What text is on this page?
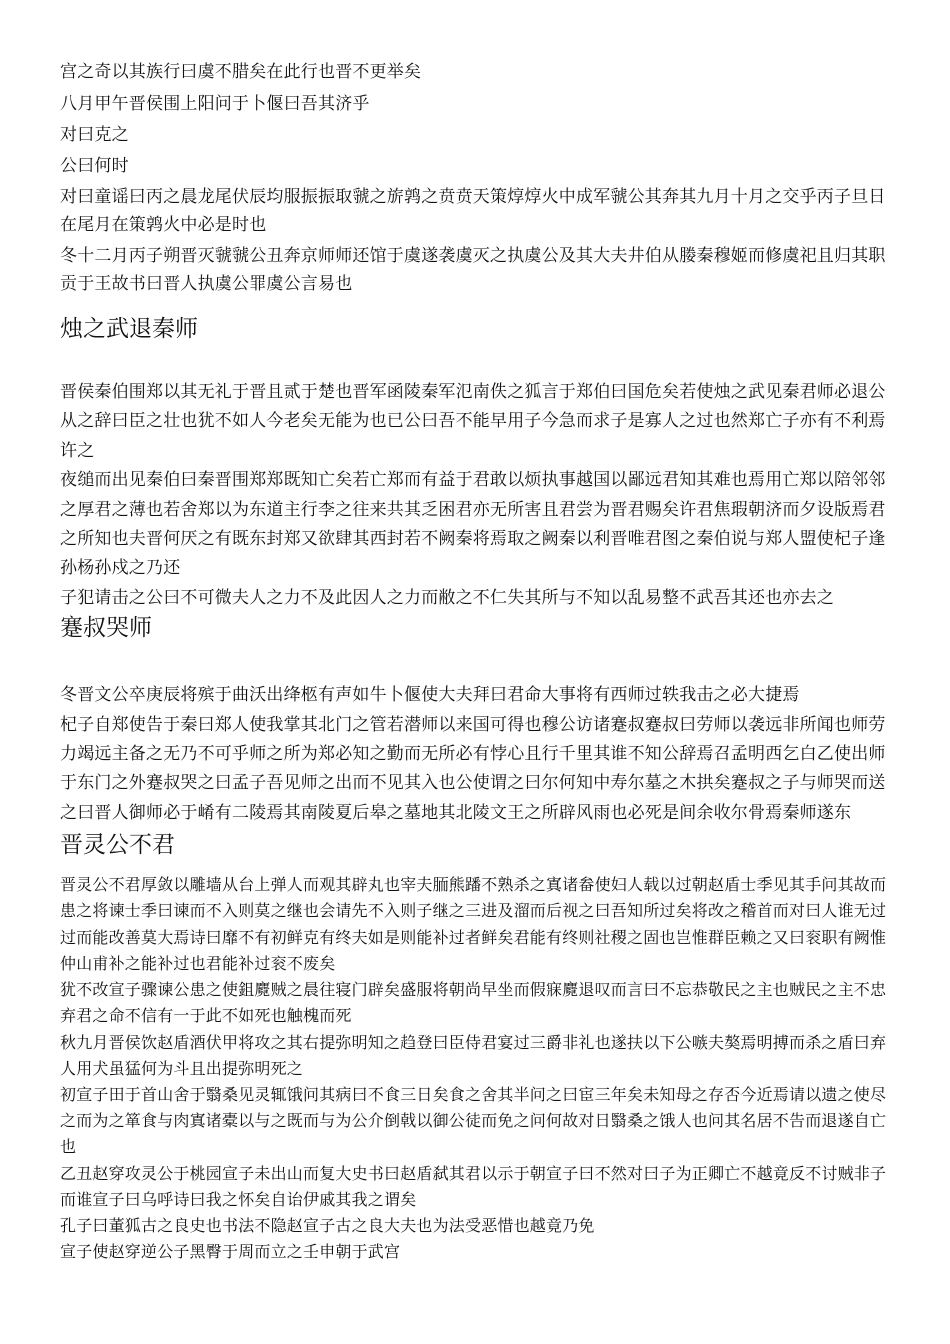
宫之奇以其族行曰虞不腊矣在此行也晋不更举矣

八月甲午晋侯围上阳问于卜偃曰吾其济乎

对曰克之

公曰何时

对曰童谣曰丙之晨龙尾伏辰均服振振取虢之旂鹑之贲贲天策焞焞火中成军虢公其奔其九月十月之交乎丙子旦日在尾月在策鹑火中必是时也

冬十二月丙子朔晋灭虢虢公丑奔京师师还馆于虞遂袭虞灭之执虞公及其大夫井伯从媵秦穆姬而修虞祀且归其职贡于王故书曰晋人执虞公罪虞公言易也

烛之武退秦师

晋侯秦伯围郑以其无礼于晋且贰于楚也晋军函陵秦军氾南佚之狐言于郑伯曰国危矣若使烛之武见秦君师必退公从之辞曰臣之壮也犹不如人今老矣无能为也已公曰吾不能早用子今急而求子是寡人之过也然郑亡子亦有不利焉许之

夜缒而出见秦伯曰秦晋围郑郑既知亡矣若亡郑而有益于君敢以烦执事越国以鄙远君知其难也焉用亡郑以陪邻邻之厚君之薄也若舍郑以为东道主行李之往来共其乏困君亦无所害且君尝为晋君赐矣许君焦瑕朝济而夕设版焉君之所知也夫晋何厌之有既东封郑又欲肆其西封若不阙秦将焉取之阙秦以利晋唯君图之秦伯说与郑人盟使杞子逢孙杨孙戍之乃还

子犯请击之公曰不可微夫人之力不及此因人之力而敝之不仁失其所与不知以乱易整不武吾其还也亦去之

蹇叔哭师

冬晋文公卒庚辰将殡于曲沃出绛柩有声如牛卜偃使大夫拜曰君命大事将有西师过轶我击之必大捷焉

杞子自郑使告于秦曰郑人使我掌其北门之管若潜师以来国可得也穆公访诸蹇叔蹇叔曰劳师以袭远非所闻也师劳力竭远主备之无乃不可乎师之所为郑必知之勤而无所必有悖心且行千里其谁不知公辞焉召孟明西乞白乙使出师于东门之外蹇叔哭之曰孟子吾见师之出而不见其入也公使谓之曰尔何知中寿尔墓之木拱矣蹇叔之子与师哭而送之曰晋人御师必于崤有二陵焉其南陵夏后皋之墓地其北陵文王之所辟风雨也必死是间余收尔骨焉秦师遂东

晋灵公不君

晋灵公不君厚敛以雕墙从台上弹人而观其辟丸也宰夫胹熊蹯不熟杀之寘诸畚使妇人载以过朝赵盾士季见其手问其故而患之将谏士季曰谏而不入则莫之继也会请先不入则子继之三进及溜而后视之曰吾知所过矣将改之稽首而对曰人谁无过过而能改善莫大焉诗曰靡不有初鲜克有终夫如是则能补过者鲜矣君能有终则社稷之固也岂惟群臣赖之又曰衮职有阙惟仲山甫补之能补过也君能补过衮不废矣

犹不改宣子骤谏公患之使鉏麑贼之晨往寝门辟矣盛服将朝尚早坐而假寐麑退叹而言曰不忘恭敬民之主也贼民之主不忠弃君之命不信有一于此不如死也触槐而死

秋九月晋侯饮赵盾酒伏甲将攻之其右提弥明知之趋登曰臣侍君宴过三爵非礼也遂扶以下公嗾夫獒焉明搏而杀之盾曰弃人用犬虽猛何为斗且出提弥明死之

初宣子田于首山舍于翳桑见灵辄饿问其病曰不食三日矣食之舍其半问之曰宦三年矣未知母之存否今近焉请以遗之使尽之而为之箪食与肉寘诸橐以与之既而与为公介倒戟以御公徒而免之问何故对日翳桑之饿人也问其名居不告而退遂自亡也

乙丑赵穿攻灵公于桃园宣子未出山而复大史书曰赵盾弑其君以示于朝宣子曰不然对曰子为正卿亡不越竟反不讨贼非子而谁宣子曰乌呼诗曰我之怀矣自诒伊戚其我之谓矣

孔子曰董狐古之良史也书法不隐赵宣子古之良大夫也为法受恶惜也越竟乃免

宣子使赵穿逆公子黑臀于周而立之壬申朝于武宫
